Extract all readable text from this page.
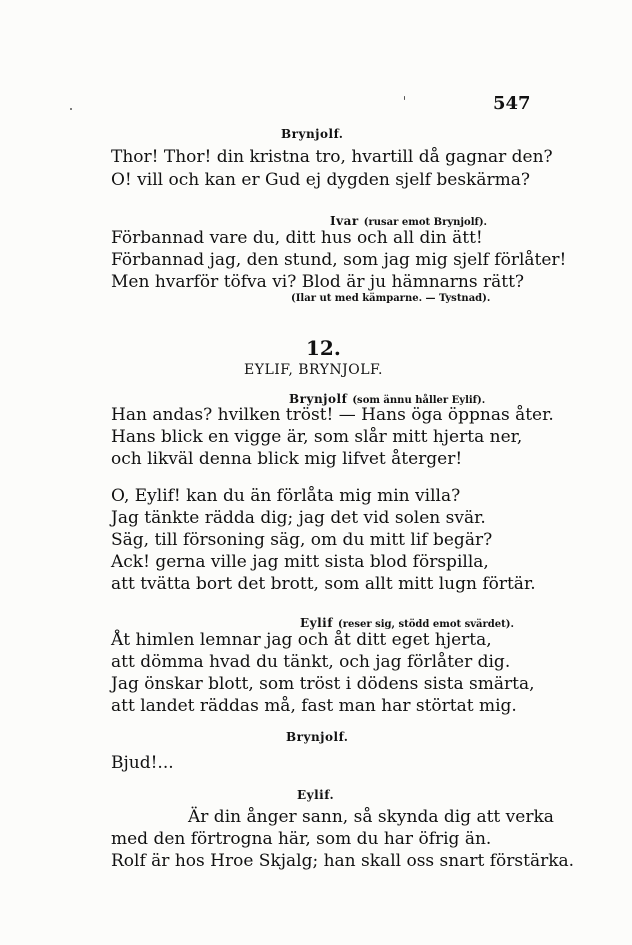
547
Brynjolf.
Thor! Thor! din kristna tro, hvartill då gagnar den?
O! vill och kan er Gud ej dygden sjelf beskärma?
Ivar (rusar emot Brynjolf).
Förbannad vare du, ditt hus och all din ätt!
Förbannad jag, den stund, som jag mig sjelf förlåter!
Men hvarför töfva vi? Blod är ju hämnarns rätt?
(Ilar ut med kämparne. — Tystnad).
12.
EYLIF, BRYNJOLF.
Brynjolf (som ännu håller Eylif).
Han andas? hvilken tröst! — Hans öga öppnas åter.
Hans blick en vigge är, som slår mitt hjerta ner,
och likväl denna blick mig lifvet återger!
O, Eylif! kan du än förlåta mig min villa?
Jag tänkte rädda dig; jag det vid solen svär.
Säg, till försoning säg, om du mitt lif begär?
Ack! gerna ville jag mitt sista blod förspilla,
att tvätta bort det brott, som allt mitt lugn förtär.
Eylif (reser sig, stödd emot svärdet).
Åt himlen lemnar jag och åt ditt eget hjerta,
att dömma hvad du tänkt, och jag förlåter dig.
Jag önskar blott, som tröst i dödens sista smärta,
att landet räddas må, fast man har störtat mig.
Brynjolf.
Bjud!...
Eylif.
Är din ånger sann, så skynda dig att verka
med den förtrogna här, som du har öfrig än.
Rolf är hos Hroe Skjalg; han skall oss snart förstärka.
